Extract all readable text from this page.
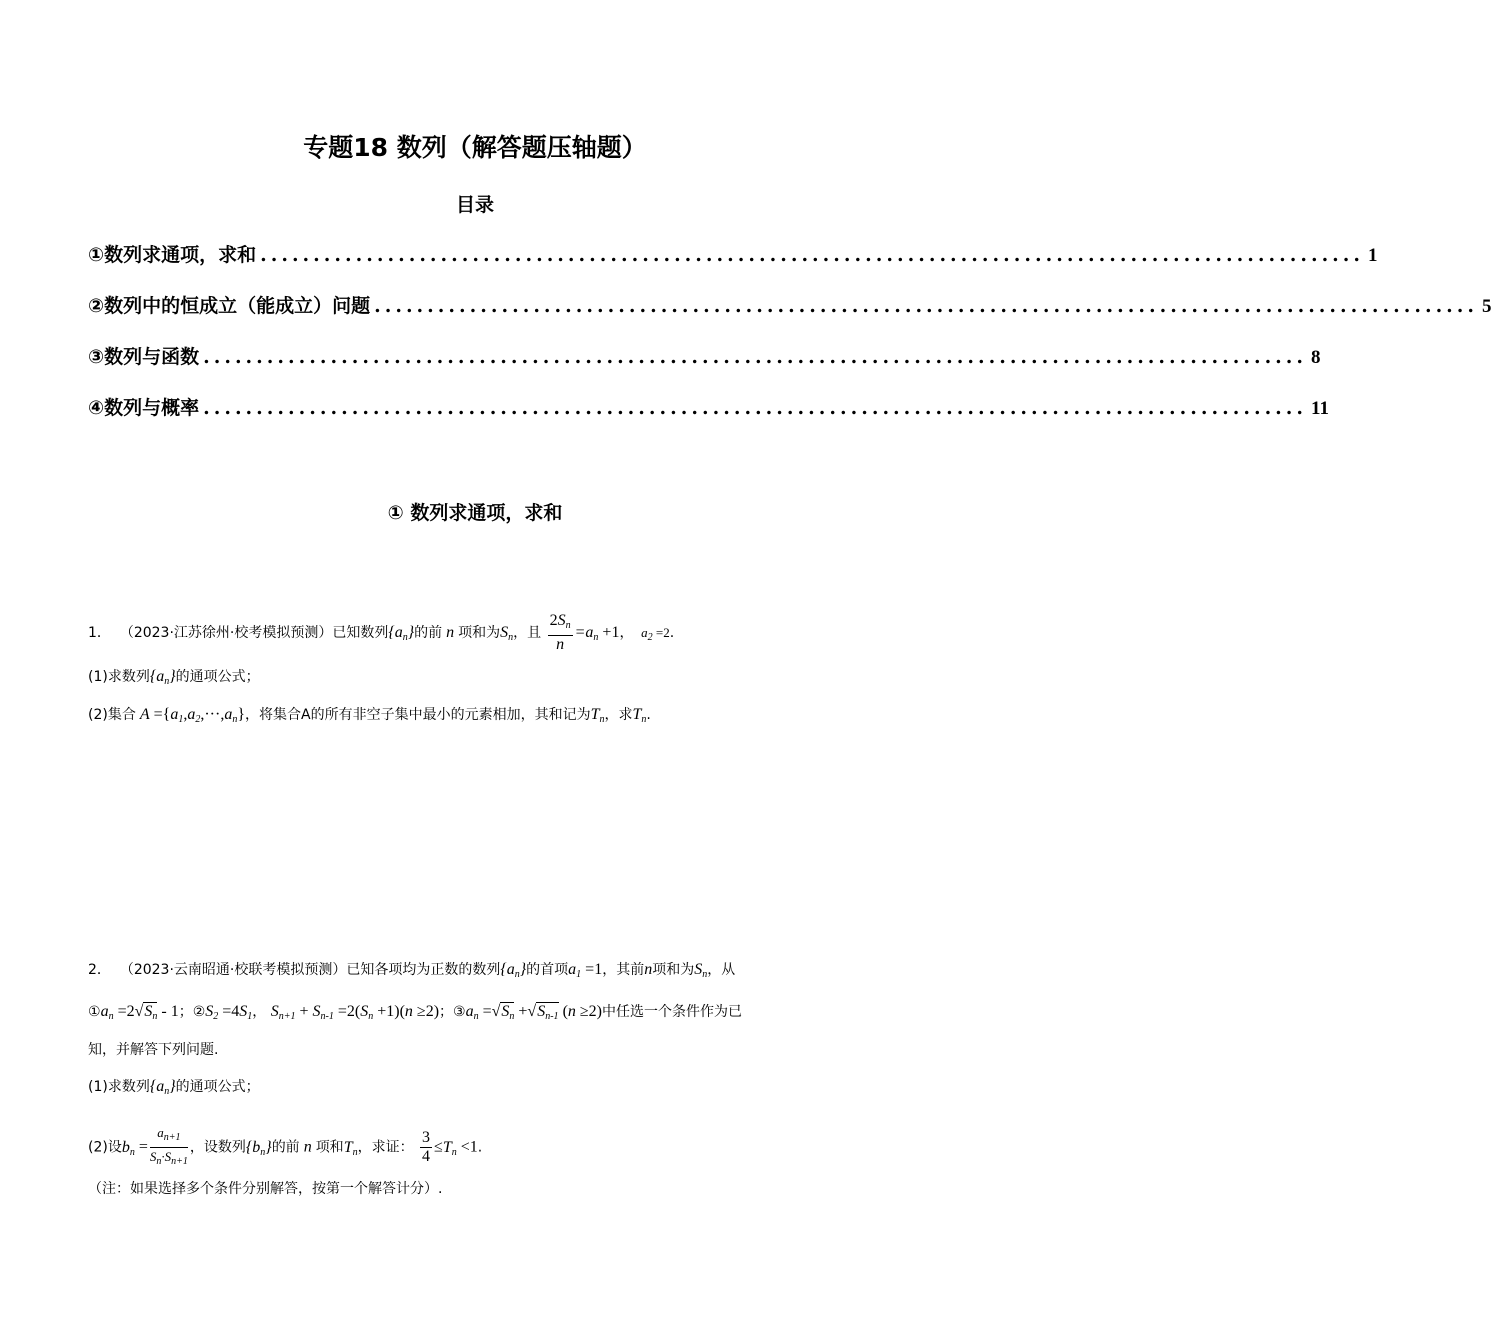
专题18 数列（解答题压轴题）
目录
①数列求通项，求和 ........................................................................................................ 1
②数列中的恒成立（能成立）问题 ........................................................................................................ 5
③数列与函数 ........................................................................................................ 8
④数列与概率 ........................................................................................................ 11
① 数列求通项，求和
1． （2023·江苏徐州·校考模拟预测）已知数列{an}的前 n 项和为Sn，且 $\frac{2Sn}{n} =an +1$，  $a_2 =2$.
(1)求数列{an}的通项公式；
(2)集合 A ={a1,a2,···,an}，将集合A的所有非空子集中最小的元素相加，其和记为Tn，求Tn.
2． （2023·云南昭通·校联考模拟预测）已知各项均为正数的数列{an}的首项a1 =1，其前n项和为Sn，从
①an =2√Sn - 1；②S2 =4S1， Sn+1 + Sn-1 =2(Sn +1)(n ≥2)；③an =√Sn +√Sn-1 (n ≥2)中任选一个条件作为已
知，并解答下列问题.
(1)求数列{an}的通项公式；
(2)设bn = $\frac{a_{n+1}}{S_n\cdot S_{n+1}}$ ，设数列{bn}的前 n 项和Tn，求证： $\frac{3}{4} \le Tn <1$.
（注：如果选择多个条件分别解答，按第一个解答计分）.
